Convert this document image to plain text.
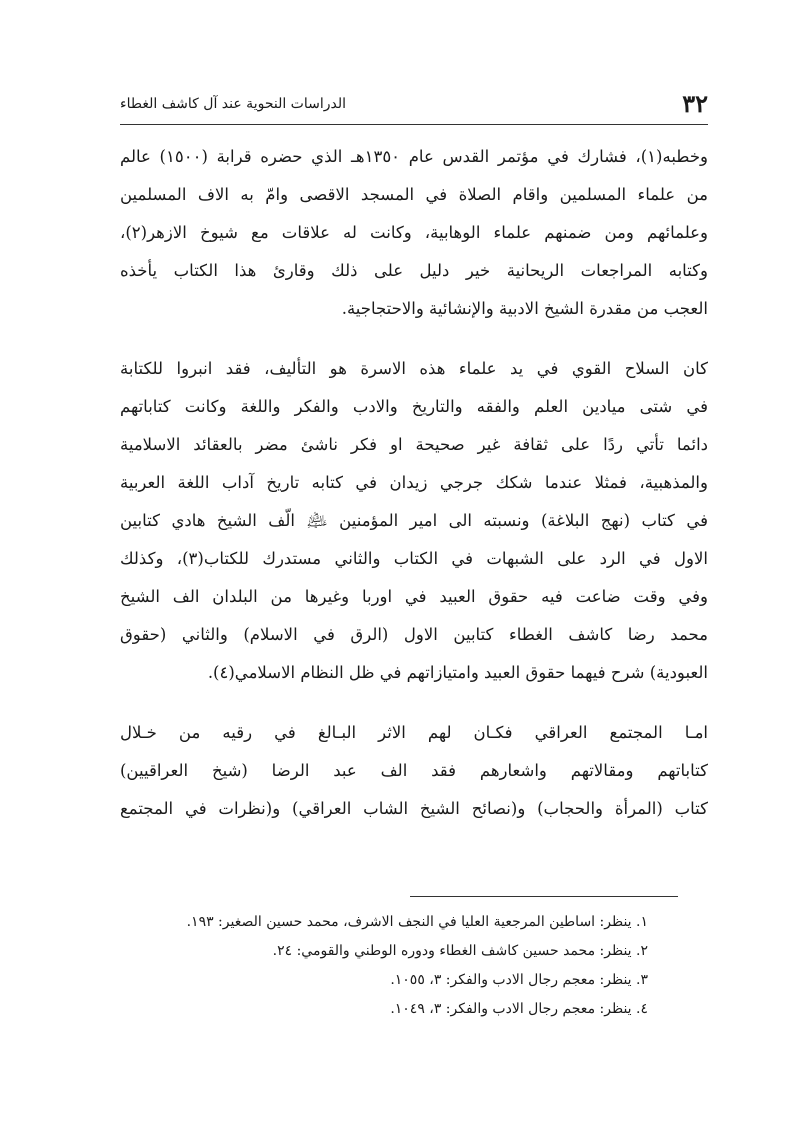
٣٢
الدراسات النحوية عند آل كاشف الغطاء
وخطبه(١)، فشارك في مؤتمر القدس عام ١٣٥٠هـ الذي حضره قرابة (١٥٠٠) عالم
من علماء المسلمين واقام الصلاة في المسجد الاقصى وامّ به الاف المسلمين
وعلمائهم ومن ضمنهم علماء الوهابية، وكانت له علاقات مع شيوخ الازهر(٢)،
وكتابه المراجعات الريحانية خير دليل على ذلك وقارئ هذا الكتاب يأخذه
العجب من مقدرة الشيخ الادبية والإنشائية والاحتجاجية.
كان السلاح القوي في يد علماء هذه الاسرة هو التأليف، فقد انبروا للكتابة
في شتى ميادين العلم والفقه والتاريخ والادب والفكر واللغة وكانت كتاباتهم
دائما تأتي ردًا على ثقافة غير صحيحة او فكر ناشئ مضر بالعقائد الاسلامية
والمذهبية، فمثلا عندما شكك جرجي زيدان في كتابه تاريخ آداب اللغة العربية
في كتاب (نهج البلاغة) ونسبته الى امير المؤمنين ﵇ الّف الشيخ هادي كتابين
الاول في الرد على الشبهات في الكتاب والثاني مستدرك للكتاب(٣)، وكذلك
وفي وقت ضاعت فيه حقوق العبيد في اوربا وغيرها من البلدان الف الشيخ
محمد رضا كاشف الغطاء كتابين الاول (الرق في الاسلام) والثاني (حقوق
العبودية) شرح فيهما حقوق العبيد وامتيازاتهم في ظل النظام الاسلامي(٤).
امـا المجتمع العراقي فكـان لهم الاثر البـالغ في رقيه من خـلال
كتاباتهم ومقالاتهم واشعارهم فقد الف عبد الرضا (شيخ العراقيين)
كتاب (المرأة والحجاب) و(نصائح الشيخ الشاب العراقي) و(نظرات في المجتمع
١. ينظر: اساطين المرجعية العليا في النجف الاشرف، محمد حسين الصغير: ١٩٣.
٢. ينظر: محمد حسين كاشف الغطاء ودوره الوطني والقومي: ٢٤.
٣. ينظر: معجم رجال الادب والفكر: ٣، ١٠٥٥.
٤. ينظر: معجم رجال الادب والفكر: ٣، ١٠٤٩.
